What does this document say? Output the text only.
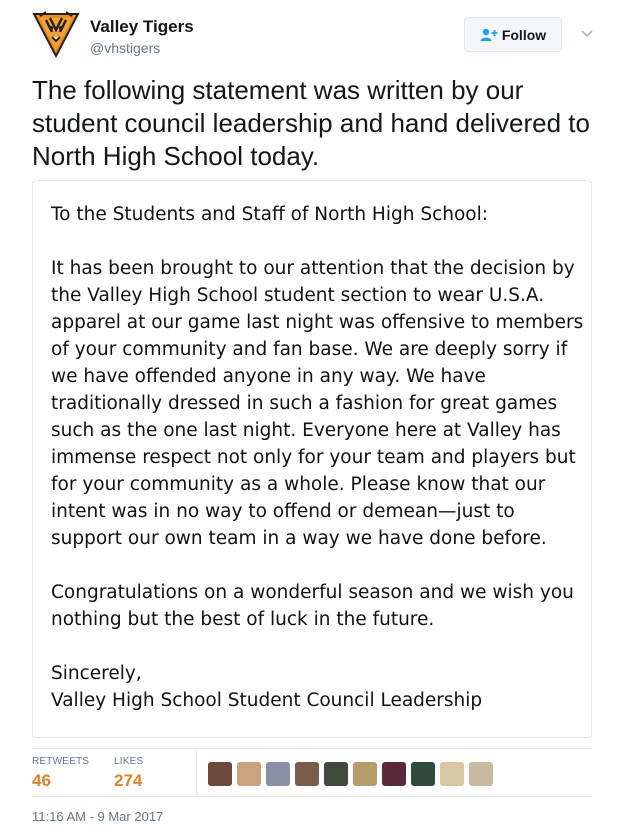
Valley Tigers
@vhstigers
Follow
The following statement was written by our student council leadership and hand delivered to North High School today.

To the Students and Staff of North High School:

It has been brought to our attention that the decision by the Valley High School student section to wear U.S.A. apparel at our game last night was offensive to members of your community and fan base. We are deeply sorry if we have offended anyone in any way. We have traditionally dressed in such a fashion for great games such as the one last night. Everyone here at Valley has immense respect not only for your team and players but for your community as a whole. Please know that our intent was in no way to offend or demean—just to support our own team in a way we have done before.

Congratulations on a wonderful season and we wish you nothing but the best of luck in the future.

Sincerely,

Valley High School Student Council Leadership

RETWEETS
46
LIKES
274
11:16 AM - 9 Mar 2017
